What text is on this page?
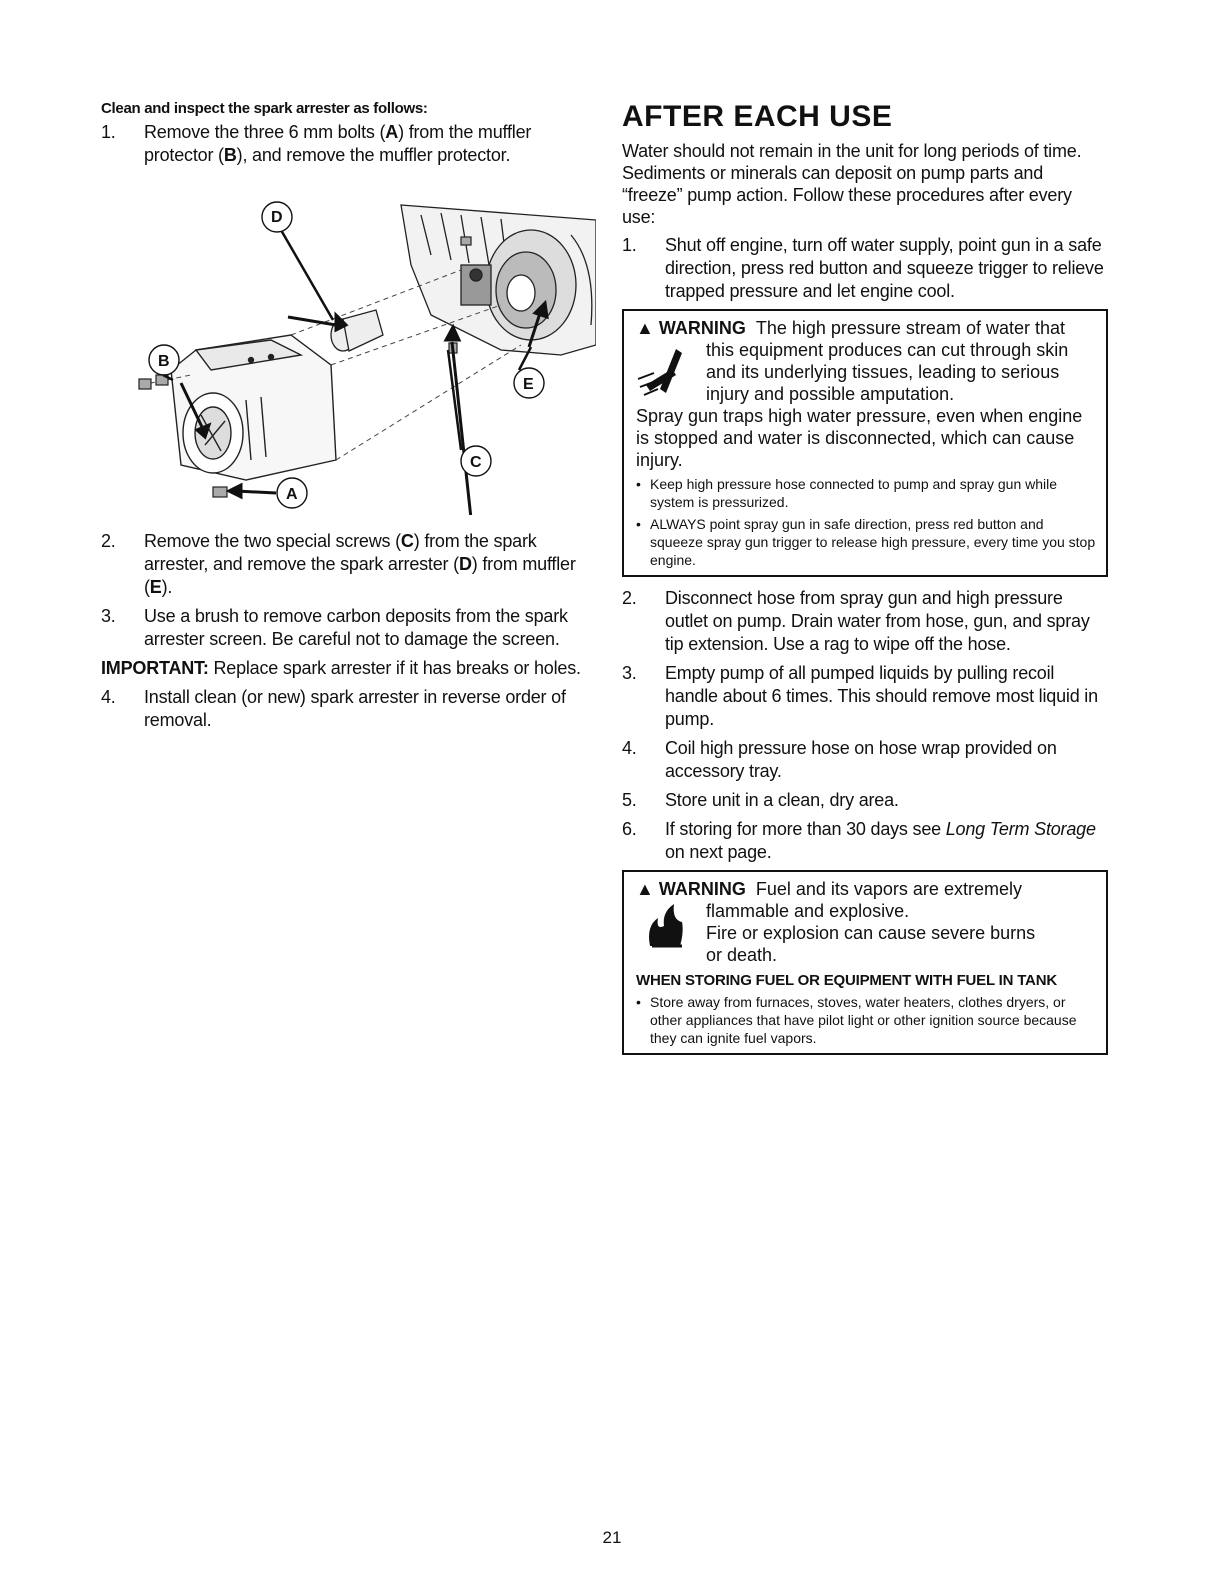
Clean and inspect the spark arrester as follows:
1.	Remove the three 6 mm bolts (A) from the muffler protector (B), and remove the muffler protector.
D
B
E
C
A
2.	Remove the two special screws (C) from the spark arrester, and remove the spark arrester (D) from muffler (E).
3.	Use a brush to remove carbon deposits from the spark arrester screen. Be careful not to damage the screen.
IMPORTANT: Replace spark arrester if it has breaks or holes.
4.	Install clean (or new) spark arrester in reverse order of removal.
AFTER EACH USE
Water should not remain in the unit for long periods of time. Sediments or minerals can deposit on pump parts and “freeze” pump action. Follow these procedures after every use:
1.	Shut off engine, turn off water supply, point gun in a safe direction, press red button and squeeze trigger to relieve trapped pressure and let engine cool.
▲ WARNING The high pressure stream of water that
this equipment produces can cut through skin
and its underlying tissues, leading to serious
injury and possible amputation.
Spray gun traps high water pressure, even when engine is stopped and water is disconnected, which can cause injury.
• Keep high pressure hose connected to pump and spray gun while system is pressurized.
• ALWAYS point spray gun in safe direction, press red button and squeeze spray gun trigger to release high pressure, every time you stop engine.
2.	Disconnect hose from spray gun and high pressure outlet on pump. Drain water from hose, gun, and spray tip extension. Use a rag to wipe off the hose.
3.	Empty pump of all pumped liquids by pulling recoil handle about 6 times. This should remove most liquid in pump.
4.	Coil high pressure hose on hose wrap provided on accessory tray.
5.	Store unit in a clean, dry area.
6.	If storing for more than 30 days see Long Term Storage on next page.
▲ WARNING Fuel and its vapors are extremely
flammable and explosive.
Fire or explosion can cause severe burns
or death.
WHEN STORING FUEL OR EQUIPMENT WITH FUEL IN TANK
• Store away from furnaces, stoves, water heaters, clothes dryers, or other appliances that have pilot light or other ignition source because they can ignite fuel vapors.
21
